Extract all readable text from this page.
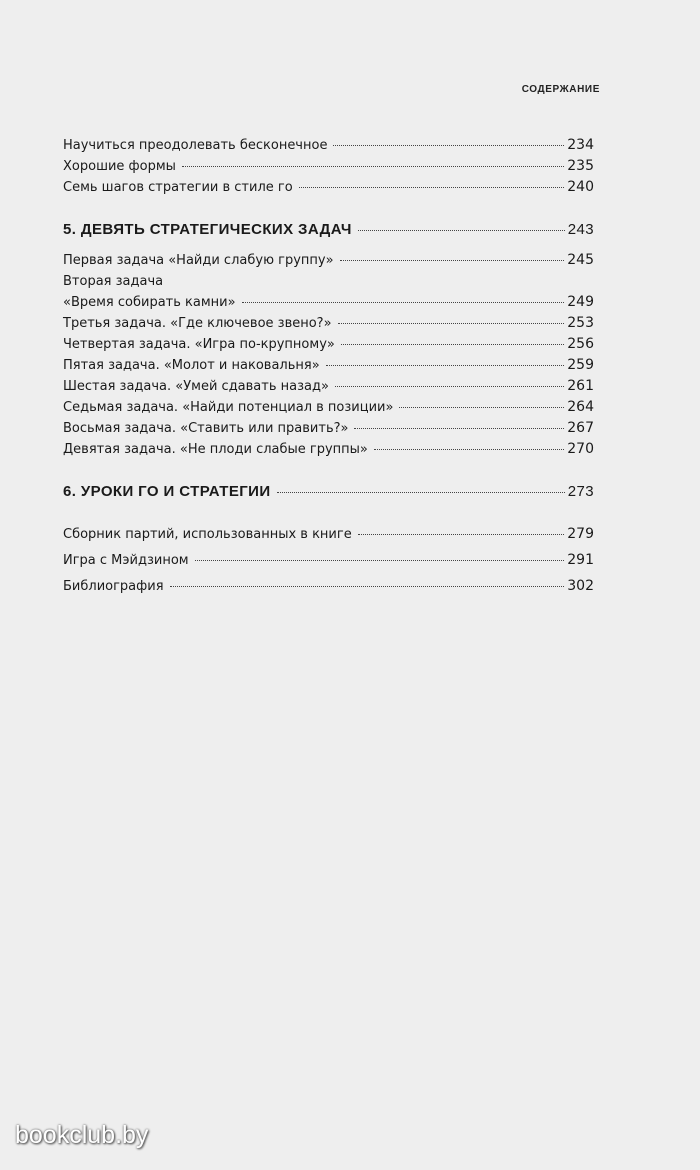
СОДЕРЖАНИЕ
Научиться преодолевать бесконечное	234
Хорошие формы	235
Семь шагов стратегии в стиле го	240
5. ДЕВЯТЬ СТРАТЕГИЧЕСКИХ ЗАДАЧ	243
Первая задача «Найди слабую группу»	245
Вторая задача
«Время собирать камни»	249
Третья задача. «Где ключевое звено?»	253
Четвертая задача. «Игра по-крупному»	256
Пятая задача. «Молот и наковальня»	259
Шестая задача. «Умей сдавать назад»	261
Седьмая задача. «Найди потенциал в позиции»	264
Восьмая задача. «Ставить или править?»	267
Девятая задача. «Не плоди слабые группы»	270
6. УРОКИ ГО И СТРАТЕГИИ	273
Сборник партий, использованных в книге	279
Игра с Мэйдзином	291
Библиография	302
bookclub.by
